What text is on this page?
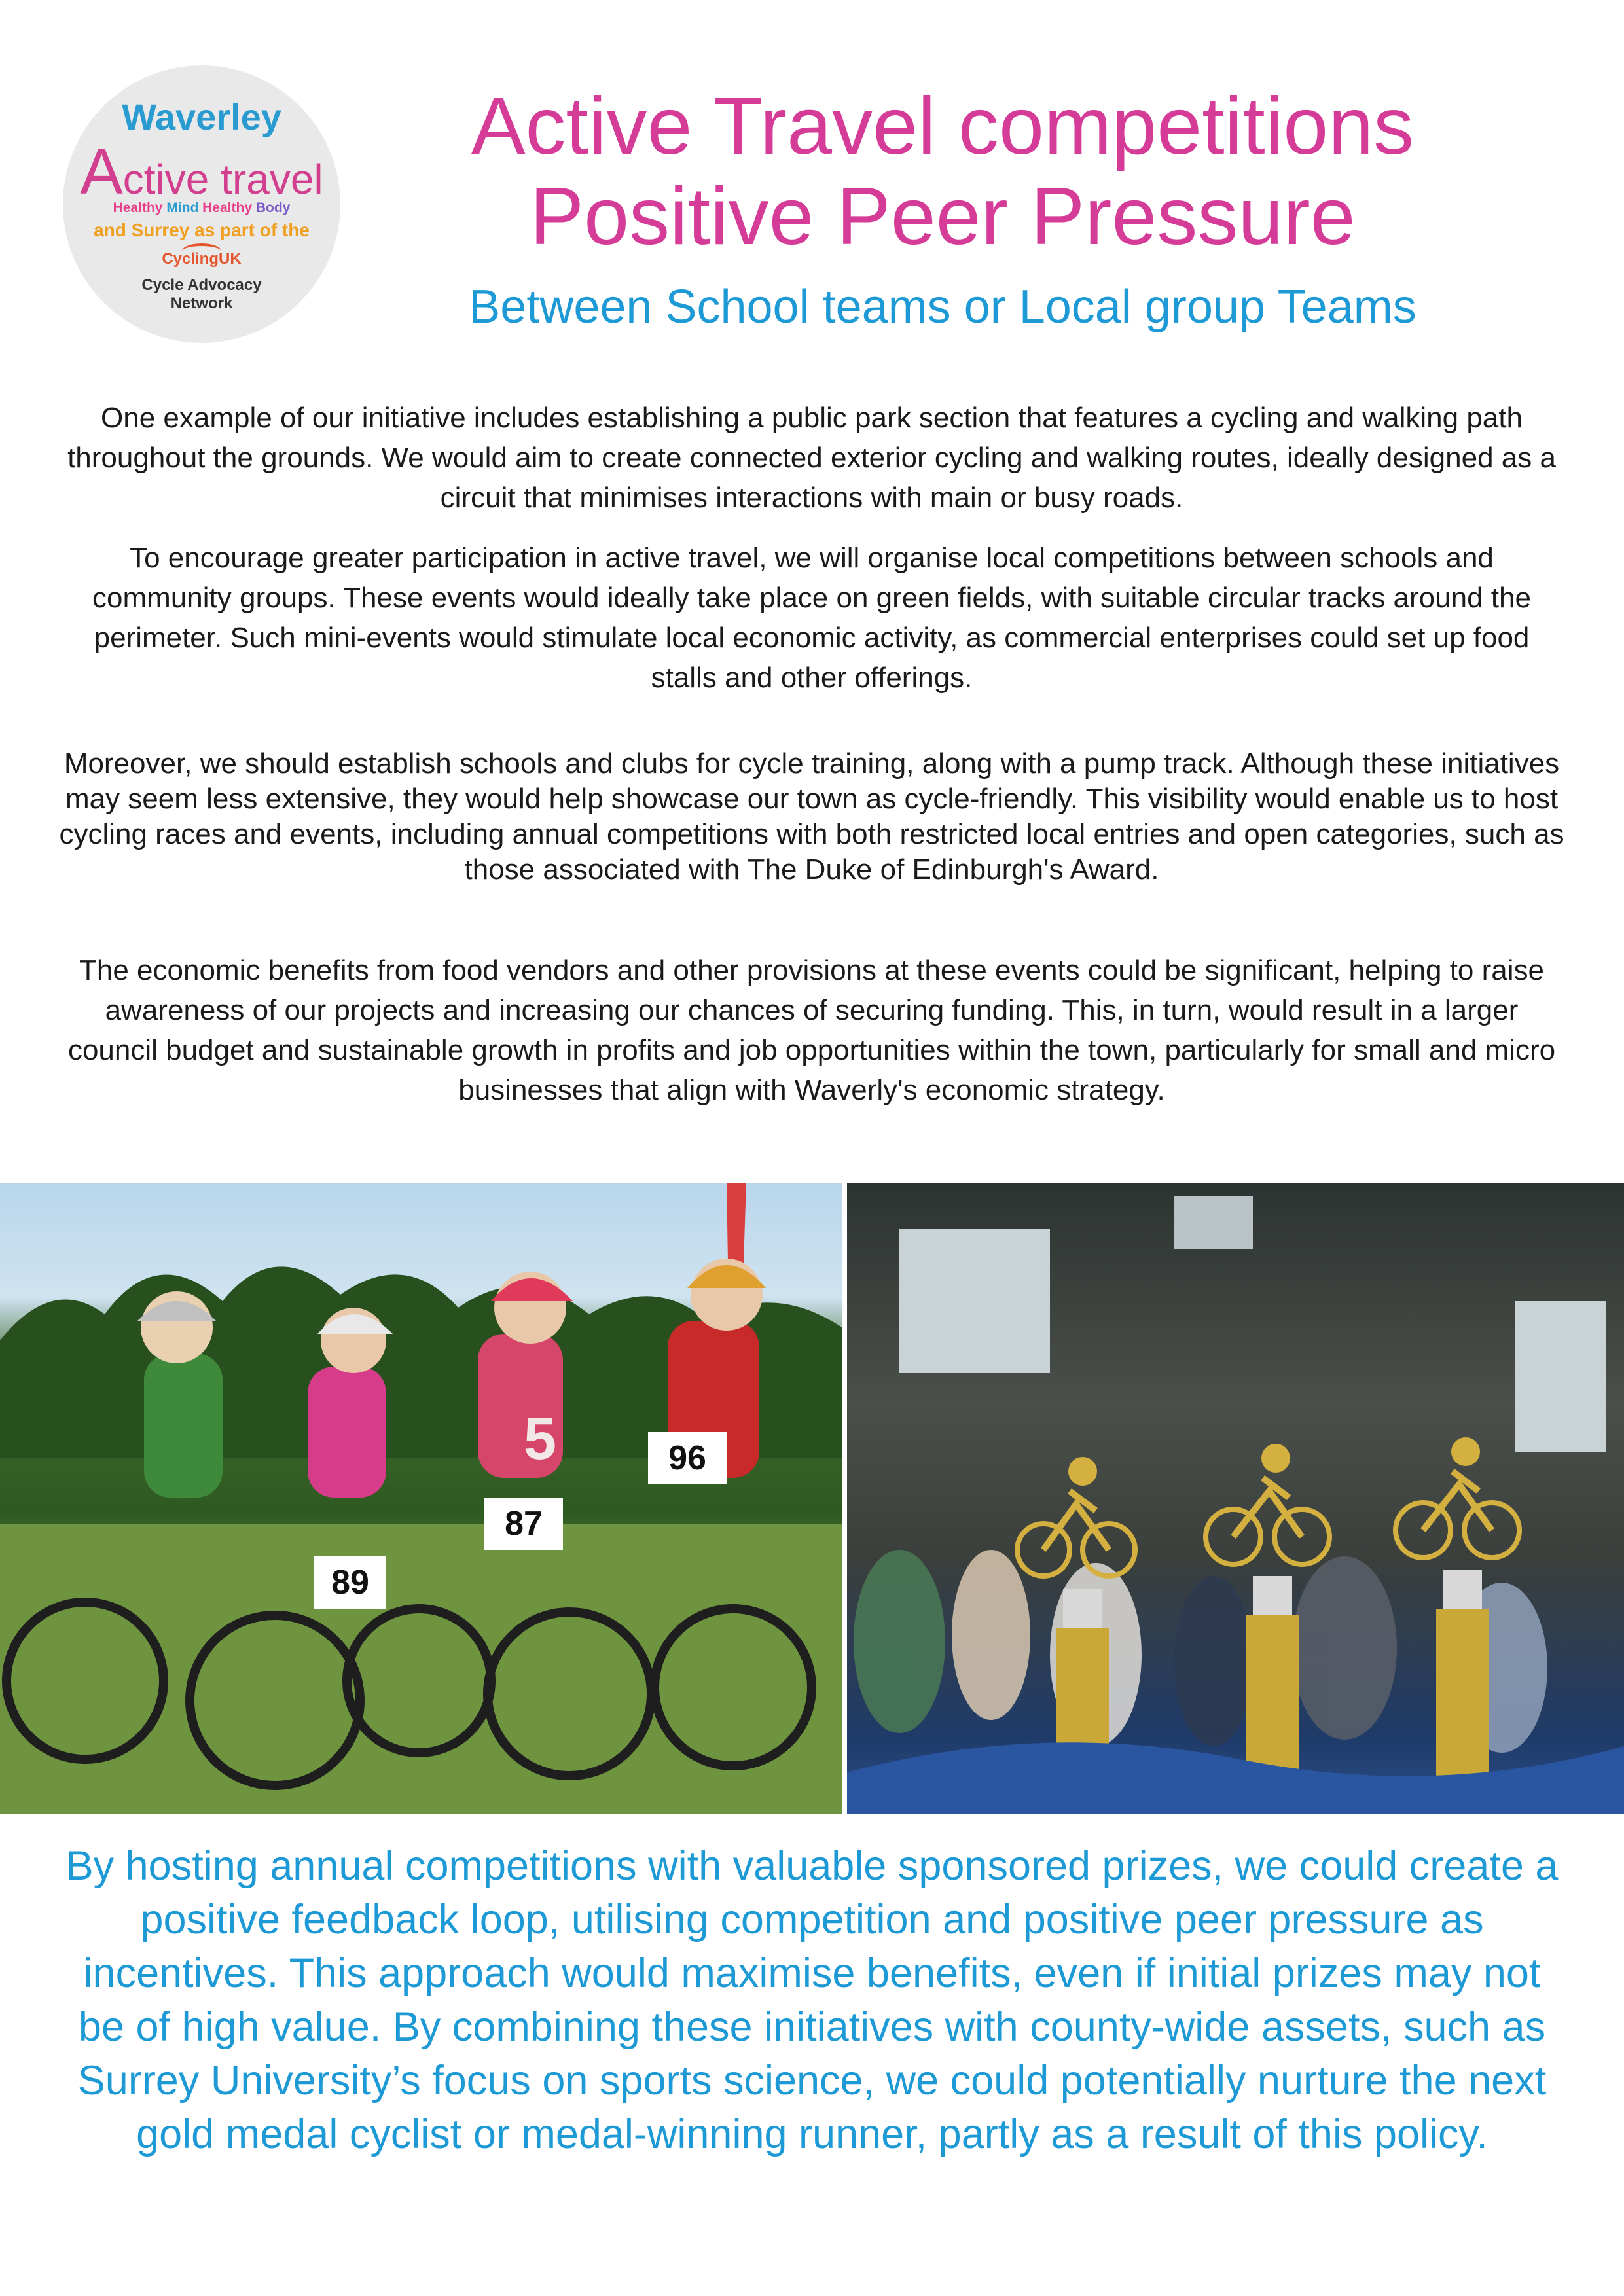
Waverley
Active travel
Healthy Mind Healthy Body
and Surrey as part of the
CyclingUK
Cycle Advocacy
Network
Active Travel competitions
Positive Peer Pressure
Between School teams or Local group Teams

One example of our initiative includes establishing a public park section that features a cycling and walking path throughout the grounds. We would aim to create connected exterior cycling and walking routes, ideally designed as a circuit that minimises interactions with main or busy roads.

To encourage greater participation in active travel, we will organise local competitions between schools and community groups. These events would ideally take place on green fields, with suitable circular tracks around the perimeter. Such mini-events would stimulate local economic activity, as commercial enterprises could set up food stalls and other offerings.

Moreover, we should establish schools and clubs for cycle training, along with a pump track. Although these initiatives may seem less extensive, they would help showcase our town as cycle-friendly. This visibility would enable us to host cycling races and events, including annual competitions with both restricted local entries and open categories, such as those associated with The Duke of Edinburgh's Award.

The economic benefits from food vendors and other provisions at these events could be significant, helping to raise awareness of our projects and increasing our chances of securing funding. This, in turn, would result in a larger council budget and sustainable growth in profits and job opportunities within the town, particularly for small and micro businesses that align with Waverly's economic strategy.

89
87
96
5

By hosting annual competitions with valuable sponsored prizes, we could create a positive feedback loop, utilising competition and positive peer pressure as incentives. This approach would maximise benefits, even if initial prizes may not be of high value. By combining these initiatives with county-wide assets, such as Surrey University’s focus on sports science, we could potentially nurture the next gold medal cyclist or medal-winning runner, partly as a result of this policy.
